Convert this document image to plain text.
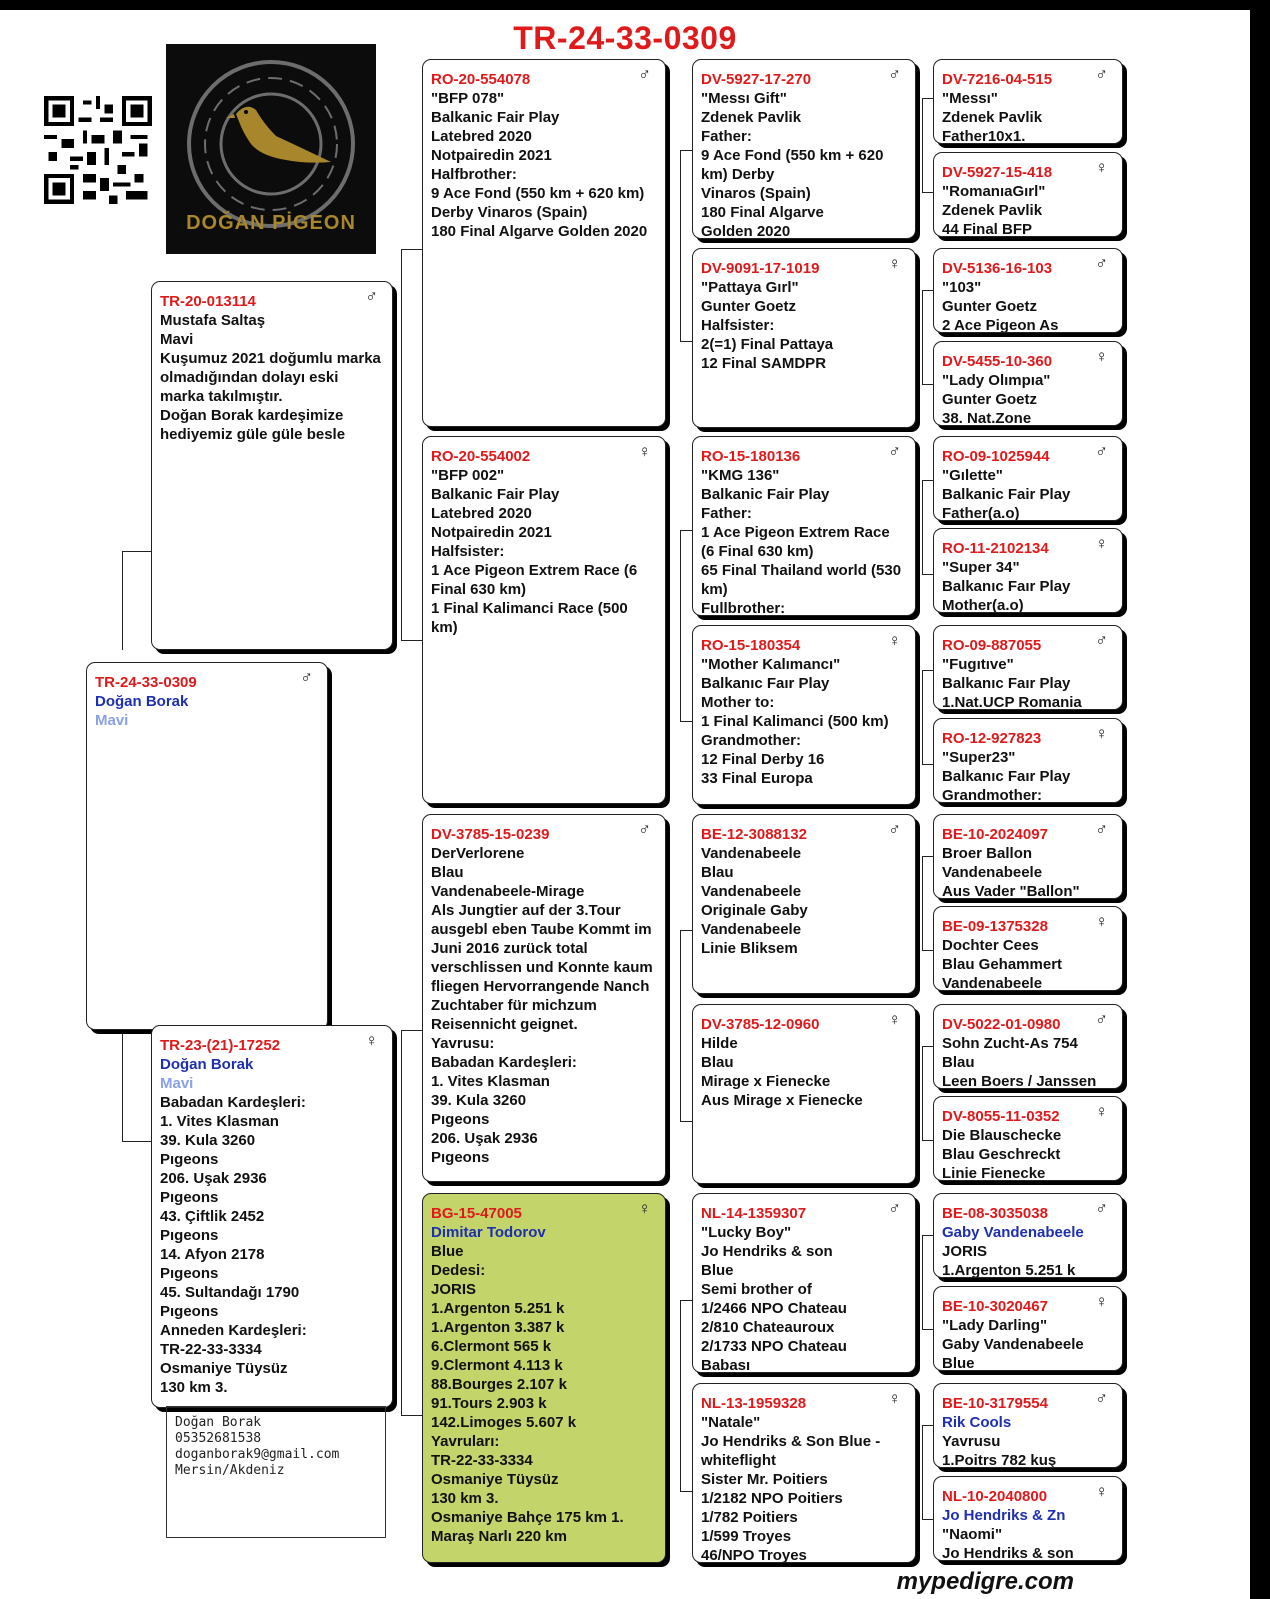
TR-24-33-0309
DOĞAN PİGEON
♂
TR-24-33-0309
Doğan Borak
Mavi
♂
TR-20-013114
Mustafa Saltaş
Mavi
Kuşumuz 2021 doğumlu marka olmadığından dolayı eski marka takılmıştır.
Doğan Borak kardeşimize hediyemiz güle güle besle
♀
TR-23-(21)-17252
Doğan Borak
Mavi
Babadan Kardeşleri:
1. Vites Klasman
39. Kula 3260
Pıgeons
206. Uşak 2936
Pıgeons
43. Çiftlik 2452
Pıgeons
14. Afyon 2178
Pıgeons
45. Sultandağı 1790
Pıgeons
Anneden Kardeşleri:
TR-22-33-3334
Osmaniye Tüysüz
130 km 3.
♂
RO-20-554078
"BFP 078"
Balkanic Fair Play
Latebred 2020
Notpairedin 2021
Halfbrother:
9 Ace Fond (550 km + 620 km) Derby Vinaros (Spain)
180 Final Algarve Golden 2020
♀
RO-20-554002
"BFP 002"
Balkanic Fair Play
Latebred 2020
Notpairedin 2021
Halfsister:
1 Ace Pigeon Extrem Race (6 Final 630 km)
1 Final Kalimanci Race (500 km)
♂
DV-3785-15-0239
DerVerlorene
Blau
Vandenabeele-Mirage
Als Jungtier auf der 3.Tour ausgebl eben Taube Kommt im Juni 2016 zurück total verschlissen und Konnte kaum fliegen Hervorrangende Nanch Zuchtaber für michzum Reisennicht geignet.
Yavrusu:
Babadan Kardeşleri:
1. Vites Klasman
39. Kula 3260
Pıgeons
206. Uşak 2936
Pıgeons
♀
BG-15-47005
Dimitar Todorov
Blue
Dedesi:
JORIS
1.Argenton 5.251 k
1.Argenton 3.387 k
6.Clermont 565 k
9.Clermont 4.113 k
88.Bourges 2.107 k
91.Tours 2.903 k
142.Limoges 5.607 k
Yavruları:
TR-22-33-3334
Osmaniye Tüysüz
130 km 3.
Osmaniye Bahçe 175 km 1.
Maraş Narlı 220 km
♂
DV-5927-17-270
"Messı Gift"
Zdenek Pavlik
Father:
9 Ace Fond (550 km + 620 km) Derby
Vinaros (Spain)
180 Final Algarve
Golden 2020
♀
DV-9091-17-1019
"Pattaya Gırl"
Gunter Goetz
Halfsister:
2(=1) Final Pattaya
12 Final SAMDPR
♂
RO-15-180136
"KMG 136"
Balkanic Fair Play
Father:
1 Ace Pigeon Extrem Race (6 Final 630 km)
65 Final Thailand world (530 km)
Fullbrother:
♀
RO-15-180354
"Mother Kalımancı"
Balkanıc Faır Play
Mother to:
1 Final Kalimanci (500 km)
Grandmother:
12 Final Derby 16
33 Final Europa
♂
BE-12-3088132
Vandenabeele
Blau
Vandenabeele
Originale Gaby
Vandenabeele
Linie Bliksem
♀
DV-3785-12-0960
Hilde
Blau
Mirage x Fienecke
Aus Mirage x Fienecke
♂
NL-14-1359307
"Lucky Boy"
Jo Hendriks & son
Blue
Semi brother of
1/2466 NPO Chateau
2/810 Chateauroux
2/1733 NPO Chateau
Babası
♀
NL-13-1959328
"Natale"
Jo Hendriks & Son Blue - whiteflight
Sister Mr. Poitiers
1/2182 NPO Poitiers
1/782 Poitiers
1/599 Troyes
46/NPO Troyes
♂
DV-7216-04-515
"Messı"
Zdenek Pavlik
Father10x1.
♀
DV-5927-15-418
"RomanıaGırl"
Zdenek Pavlik
44 Final BFP
♂
DV-5136-16-103
"103"
Gunter Goetz
2 Ace Pigeon As
♀
DV-5455-10-360
"Lady Olımpıa"
Gunter Goetz
38. Nat.Zone
♂
RO-09-1025944
"Gılette"
Balkanic Fair Play
Father(a.o)
♀
RO-11-2102134
"Super 34"
Balkanıc Faır Play
Mother(a.o)
♂
RO-09-887055
"Fugıtıve"
Balkanıc Faır Play
1.Nat.UCP Romania
♀
RO-12-927823
"Super23"
Balkanıc Faır Play
Grandmother:
♂
BE-10-2024097
Broer Ballon
Vandenabeele
Aus Vader "Ballon"
♀
BE-09-1375328
Dochter Cees
Blau Gehammert
Vandenabeele
♂
DV-5022-01-0980
Sohn Zucht-As 754
Blau
Leen Boers / Janssen
♀
DV-8055-11-0352
Die Blauschecke
Blau Geschreckt
Linie Fienecke
♂
BE-08-3035038
Gaby Vandenabeele
JORIS
1.Argenton 5.251 k
♀
BE-10-3020467
"Lady Darling"
Gaby Vandenabeele
Blue
♂
BE-10-3179554
Rik Cools
Yavrusu
1.Poitrs 782 kuş
♀
NL-10-2040800
Jo Hendriks & Zn
"Naomi"
Jo Hendriks & son
Doğan Borak
05352681538
doganborak9@gmail.com
Mersin/Akdeniz
mypedigre.com
